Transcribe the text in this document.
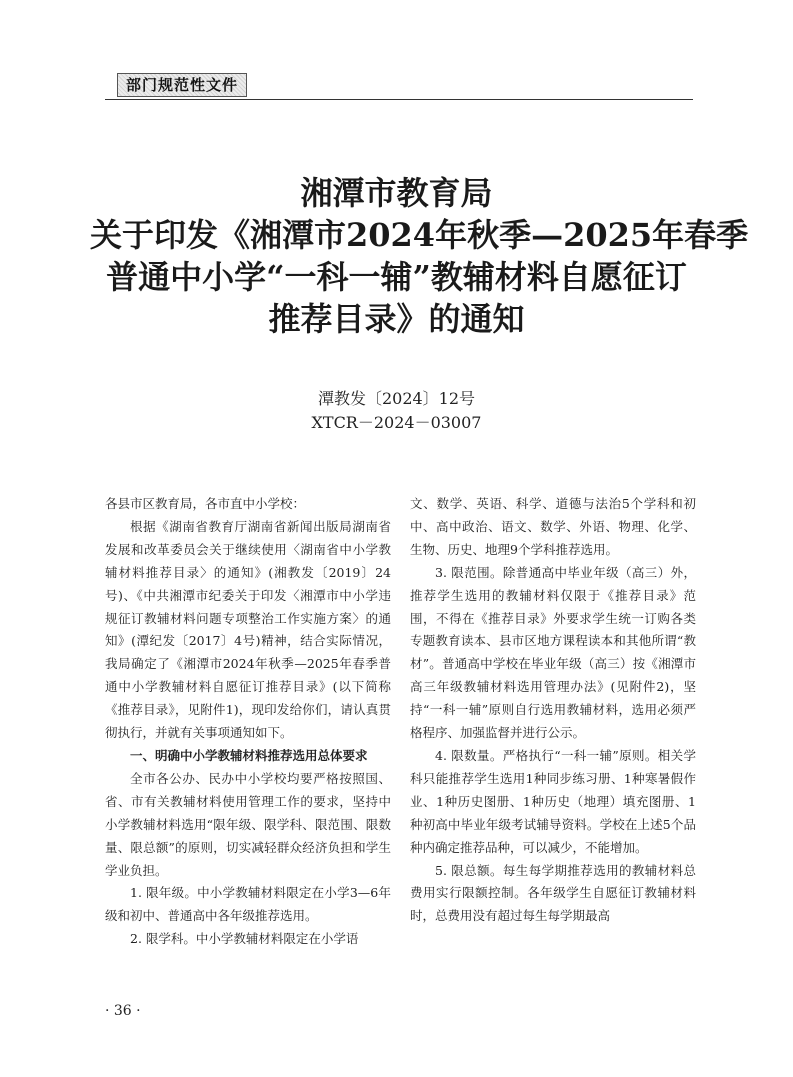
部门规范性文件
湘潭市教育局
关于印发《湘潭市2024年秋季—2025年春季
普通中小学“一科一辅”教辅材料自愿征订
推荐目录》的通知
潭教发〔2024〕12号
XTCR－2024－03007

各县市区教育局，各市直中小学校：

根据《湖南省教育厅湖南省新闻出版局湖南省发展和改革委员会关于继续使用〈湖南省中小学教辅材料推荐目录〉的通知》(湘教发〔2019〕24号)、《中共湘潭市纪委关于印发〈湘潭市中小学违规征订教辅材料问题专项整治工作实施方案〉的通知》(潭纪发〔2017〕4号)精神，结合实际情况，我局确定了《湘潭市2024年秋季—2025年春季普通中小学教辅材料自愿征订推荐目录》(以下简称《推荐目录》，见附件1)，现印发给你们，请认真贯彻执行，并就有关事项通知如下。

一、明确中小学教辅材料推荐选用总体要求

全市各公办、民办中小学校均要严格按照国、省、市有关教辅材料使用管理工作的要求，坚持中小学教辅材料选用“限年级、限学科、限范围、限数量、限总额”的原则，切实减轻群众经济负担和学生学业负担。

1. 限年级。中小学教辅材料限定在小学3—6年级和初中、普通高中各年级推荐选用。

2. 限学科。中小学教辅材料限定在小学语

文、数学、英语、科学、道德与法治5个学科和初中、高中政治、语文、数学、外语、物理、化学、生物、历史、地理9个学科推荐选用。

3. 限范围。除普通高中毕业年级（高三）外，推荐学生选用的教辅材料仅限于《推荐目录》范围，不得在《推荐目录》外要求学生统一订购各类专题教育读本、县市区地方课程读本和其他所谓“教材”。普通高中学校在毕业年级（高三）按《湘潭市高三年级教辅材料选用管理办法》(见附件2)，坚持“一科一辅”原则自行选用教辅材料，选用必须严格程序、加强监督并进行公示。

4. 限数量。严格执行“一科一辅”原则。相关学科只能推荐学生选用1种同步练习册、1种寒暑假作业、1种历史图册、1种历史（地理）填充图册、1种初高中毕业年级考试辅导资料。学校在上述5个品种内确定推荐品种，可以减少，不能增加。

5. 限总额。每生每学期推荐选用的教辅材料总费用实行限额控制。各年级学生自愿征订教辅材料时，总费用没有超过每生每学期最高

· 36 ·
